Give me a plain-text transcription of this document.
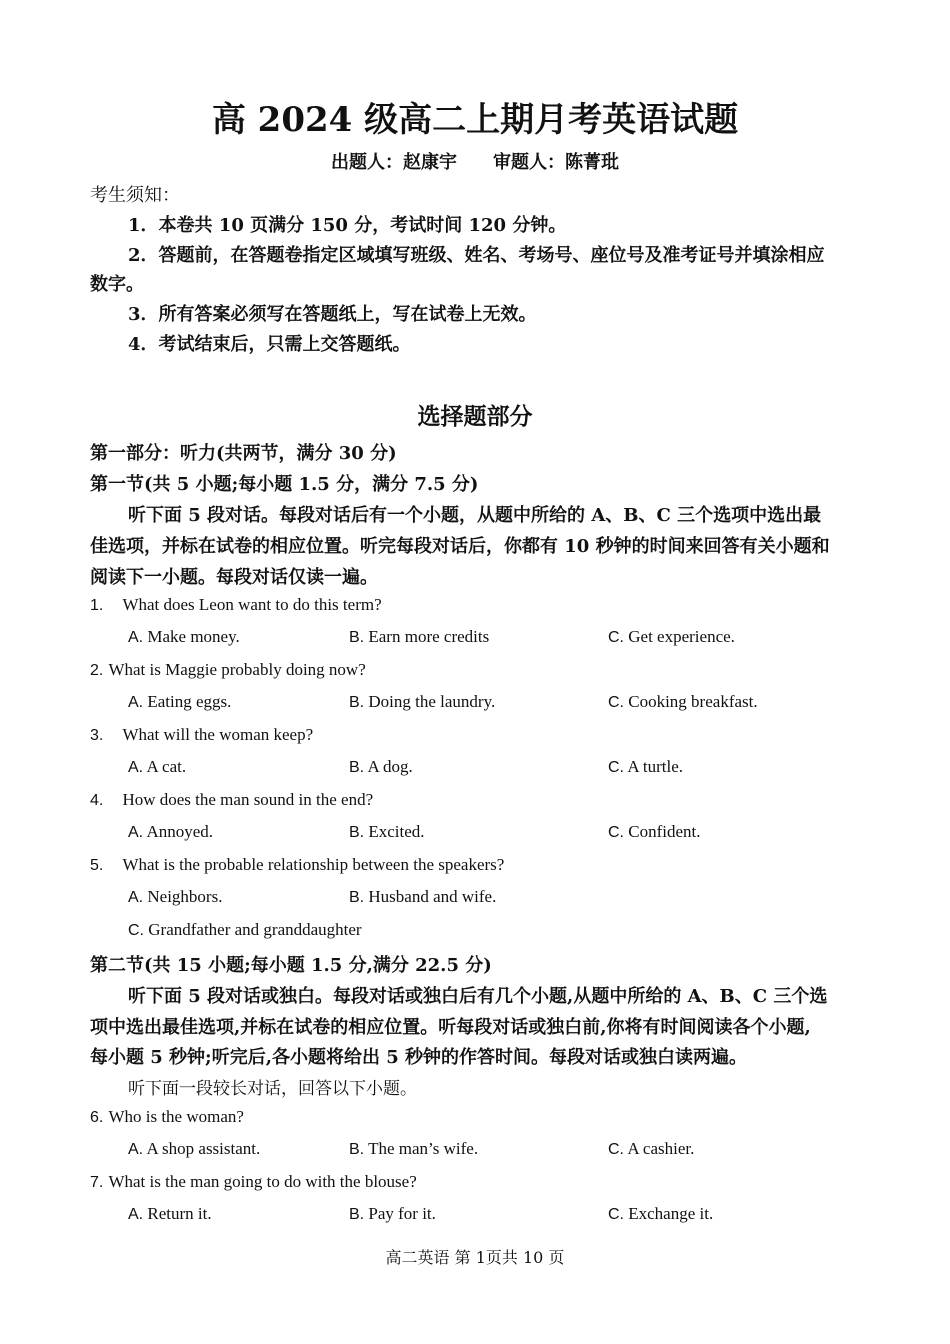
高 2024 级高二上期月考英语试题
出题人：赵康宇　　审题人：陈菁玭
考生须知：
1．本卷共 10 页满分 150 分，考试时间 120 分钟。
2．答题前，在答题卷指定区域填写班级、姓名、考场号、座位号及准考证号并填涂相应
数字。
3．所有答案必须写在答题纸上，写在试卷上无效。
4．考试结束后，只需上交答题纸。
选择题部分
第一部分：听力(共两节，满分 30 分)
第一节(共 5 小题;每小题 1.5 分，满分 7.5 分)
听下面 5 段对话。每段对话后有一个小题，从题中所给的 A、B、C 三个选项中选出最
佳选项，并标在试卷的相应位置。听完每段对话后，你都有 10 秒钟的时间来回答有关小题和
阅读下一小题。每段对话仅读一遍。
1. What does Leon want to do this term?
A. Make money.	B. Earn more credits	C. Get experience.
2. What is Maggie probably doing now?
A. Eating eggs.	B. Doing the laundry.	C. Cooking breakfast.
3. What will the woman keep?
A. A cat.	B. A dog.	C. A turtle.
4. How does the man sound in the end?
A. Annoyed.	B. Excited.	C. Confident.
5. What is the probable relationship between the speakers?
A. Neighbors.	B. Husband and wife.
C. Grandfather and granddaughter
第二节(共 15 小题;每小题 1.5 分,满分 22.5 分)
听下面 5 段对话或独白。每段对话或独白后有几个小题,从题中所给的 A、B、C 三个选
项中选出最佳选项,并标在试卷的相应位置。听每段对话或独白前,你将有时间阅读各个小题,
每小题 5 秒钟;听完后,各小题将给出 5 秒钟的作答时间。每段对话或独白读两遍。
听下面一段较长对话，回答以下小题。
6. Who is the woman?
A. A shop assistant.	B. The man’s wife.	C. A cashier.
7. What is the man going to do with the blouse?
A. Return it.	B. Pay for it.	C. Exchange it.
高二英语 第 1页共 10 页
